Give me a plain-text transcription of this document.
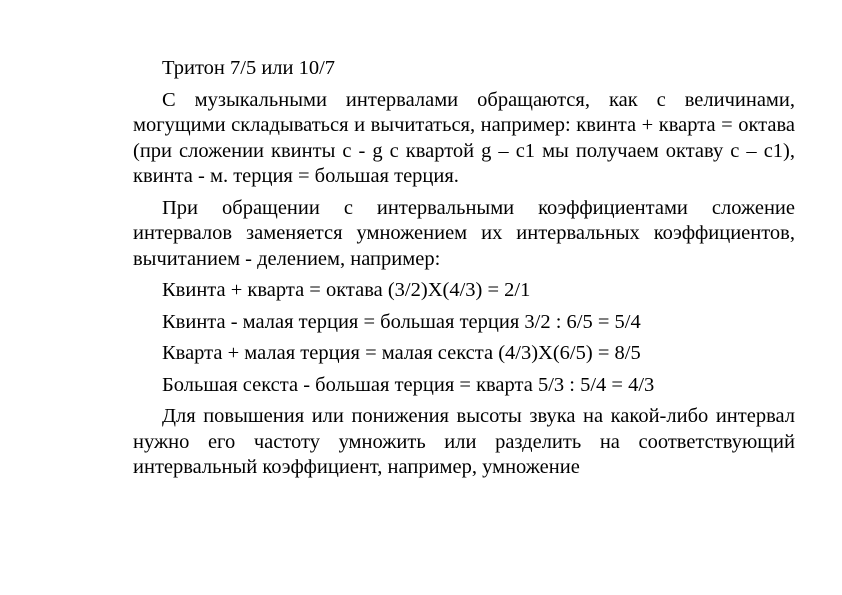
Тритон 7/5 или 10/7

С музыкальными интервалами обращаются, как с величинами, могущими складываться и вычитаться, например: квинта + кварта = октава (при сложении квинты c - g с квартой g – c1 мы получаем октаву c – c1), квинта - м. терция = большая терция.

При обращении с интервальными коэффициентами сложение интервалов заменяется умножением их интервальных коэффициентов, вычитанием - делением, например:

Квинта + кварта = октава (3/2)X(4/3) = 2/1

Квинта - малая терция = большая терция 3/2 : 6/5 = 5/4

Кварта + малая терция = малая секста (4/3)X(6/5) = 8/5

Большая секста - большая терция = кварта 5/3 : 5/4 = 4/3

Для повышения или понижения высоты звука на какой-либо интервал нужно его частоту умножить или разделить на соответствующий интервальный коэффициент, например, умножение
